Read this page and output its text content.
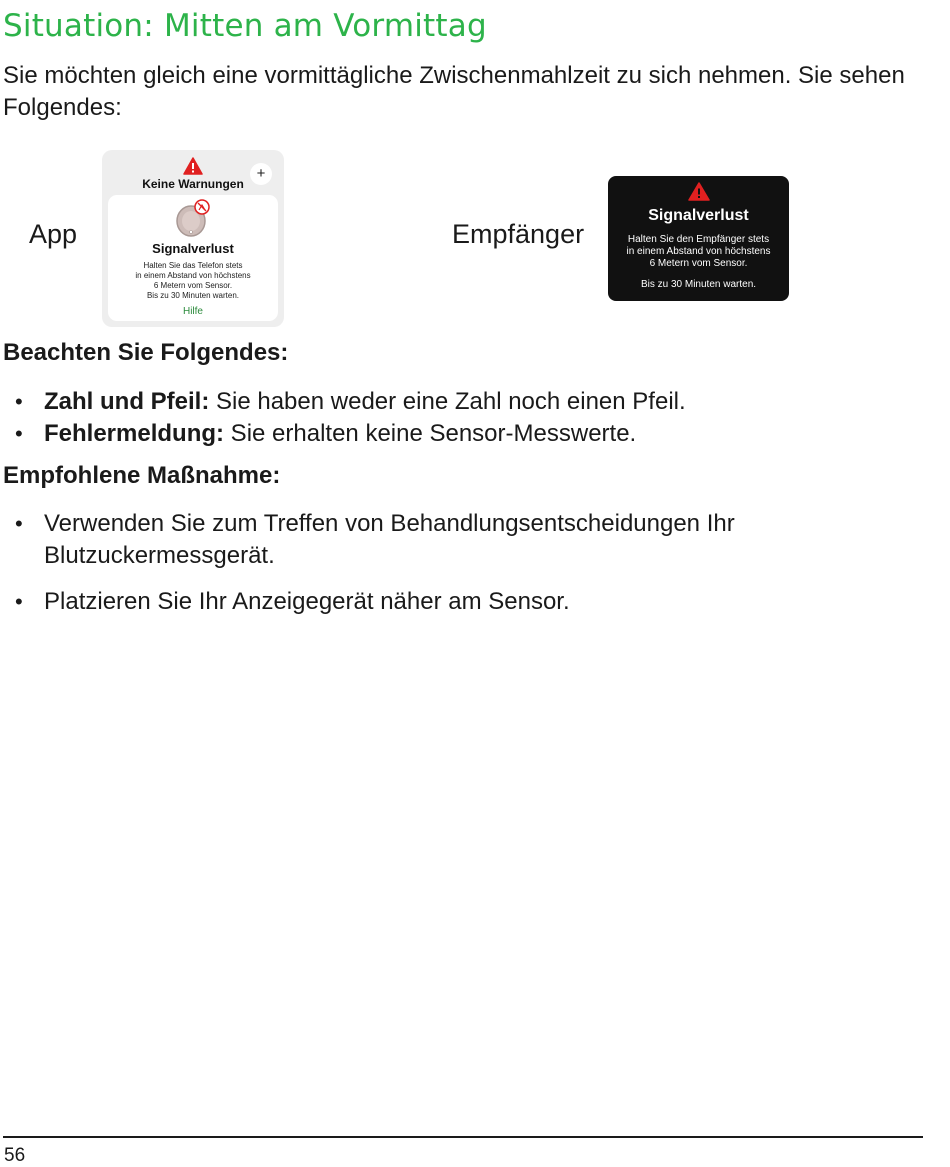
Situation: Mitten am Vormittag

Sie möchten gleich eine vormittägliche Zwischenmahlzeit zu sich nehmen. Sie sehen Folgendes:

App
Keine Warnungen
Signalverlust
Halten Sie das Telefon stets
in einem Abstand von höchstens
6 Metern vom Sensor.
Bis zu 30 Minuten warten.
Hilfe
+
Empfänger
Signalverlust
Halten Sie den Empfänger stets
in einem Abstand von höchstens
6 Metern vom Sensor.
Bis zu 30 Minuten warten.
Beachten Sie Folgendes:
• Zahl und Pfeil: Sie haben weder eine Zahl noch einen Pfeil.
• Fehlermeldung: Sie erhalten keine Sensor-Messwerte.
Empfohlene Maßnahme:
• Verwenden Sie zum Treffen von Behandlungsentscheidungen Ihr Blutzuckermessgerät.
• Platzieren Sie Ihr Anzeigegerät näher am Sensor.
56
